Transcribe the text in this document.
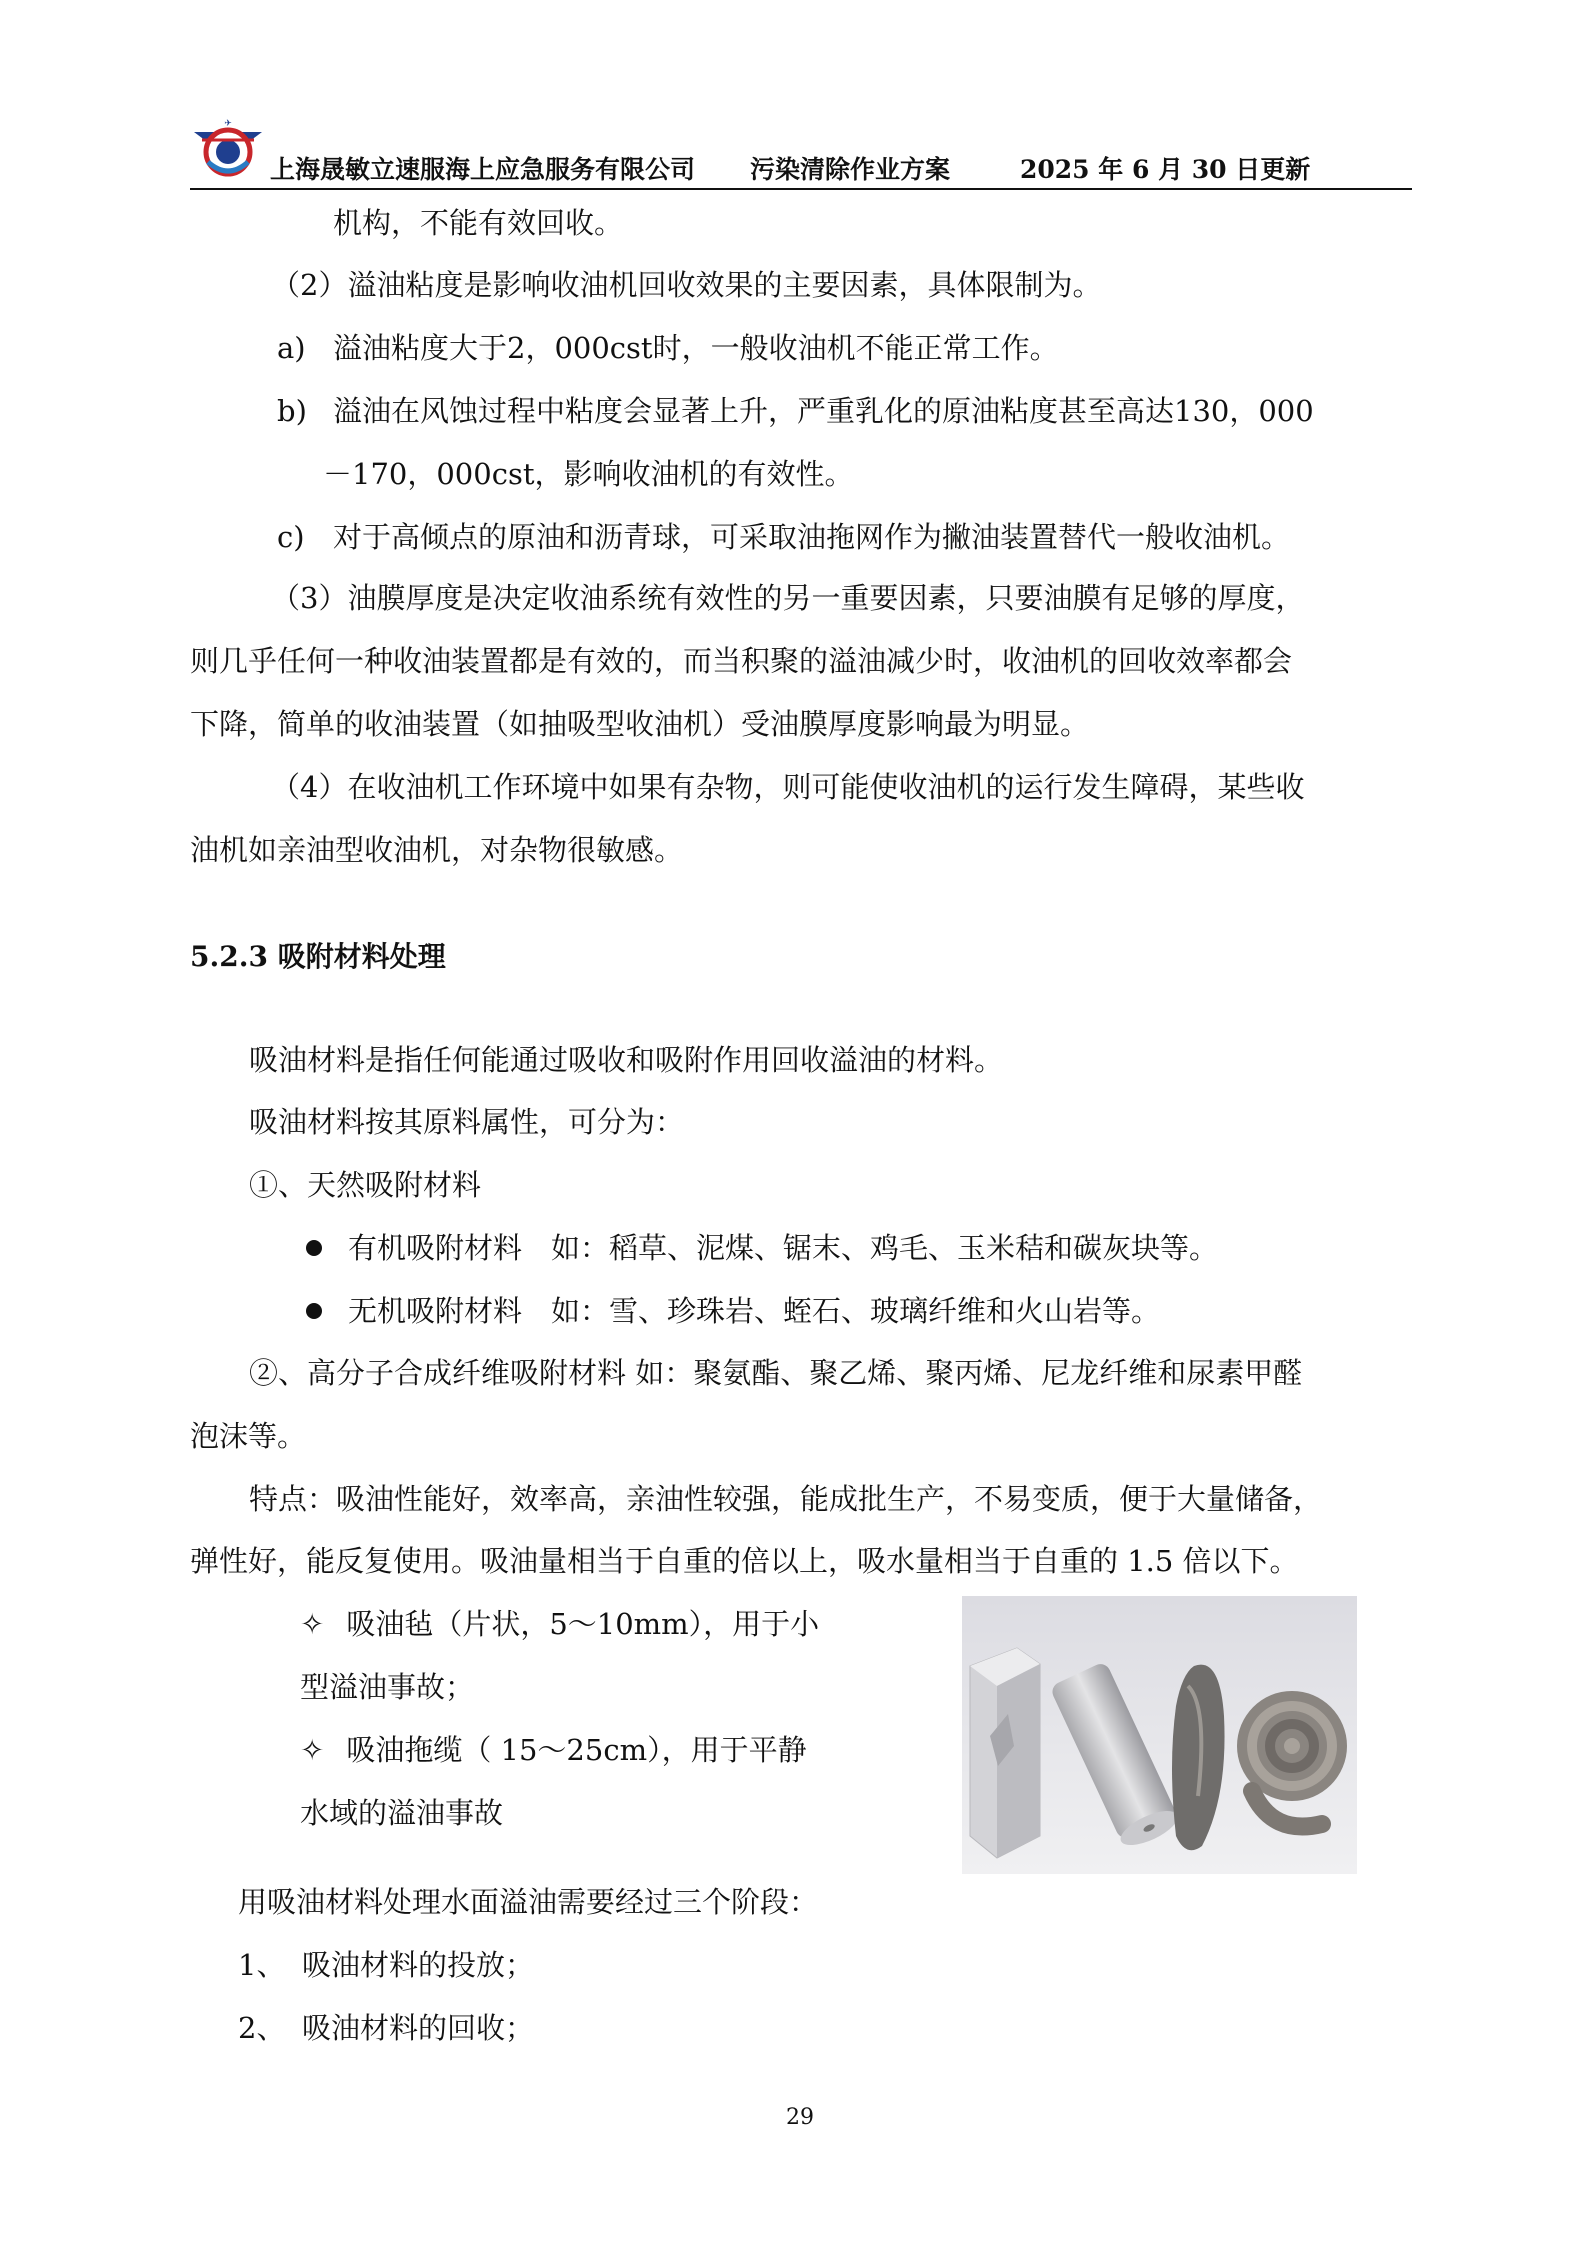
✈
上海晟敏立速服海上应急服务有限公司 污染清除作业方案	2025 年 6 月 30 日更新
机构，不能有效回收。
（2）溢油粘度是影响收油机回收效果的主要因素，具体限制为。
a) 溢油粘度大于2，000cst时，一般收油机不能正常工作。
b) 溢油在风蚀过程中粘度会显著上升，严重乳化的原油粘度甚至高达130，000
－170，000cst，影响收油机的有效性。
c) 对于高倾点的原油和沥青球，可采取油拖网作为撇油装置替代一般收油机。
（3）油膜厚度是决定收油系统有效性的另一重要因素，只要油膜有足够的厚度，
则几乎任何一种收油装置都是有效的，而当积聚的溢油减少时，收油机的回收效率都会
下降，简单的收油装置（如抽吸型收油机）受油膜厚度影响最为明显。
（4）在收油机工作环境中如果有杂物，则可能使收油机的运行发生障碍，某些收
油机如亲油型收油机，对杂物很敏感。
5.2.3 吸附材料处理
吸油材料是指任何能通过吸收和吸附作用回收溢油的材料。
吸油材料按其原料属性，可分为：
①、天然吸附材料
有机吸附材料　如：稻草、泥煤、锯末、鸡毛、玉米秸和碳灰块等。
无机吸附材料　如：雪、珍珠岩、蛭石、玻璃纤维和火山岩等。
②、高分子合成纤维吸附材料 如：聚氨酯、聚乙烯、聚丙烯、尼龙纤维和尿素甲醛
泡沫等。
特点：吸油性能好，效率高，亲油性较强，能成批生产，不易变质，便于大量储备，
弹性好，能反复使用。吸油量相当于自重的倍以上，吸水量相当于自重的 1.5 倍以下。
✧ 吸油毡（片状，5～10mm），用于小
型溢油事故；
✧ 吸油拖缆（ 15～25cm），用于平静
水域的溢油事故
用吸油材料处理水面溢油需要经过三个阶段：
1、 吸油材料的投放；
2、 吸油材料的回收；
29
